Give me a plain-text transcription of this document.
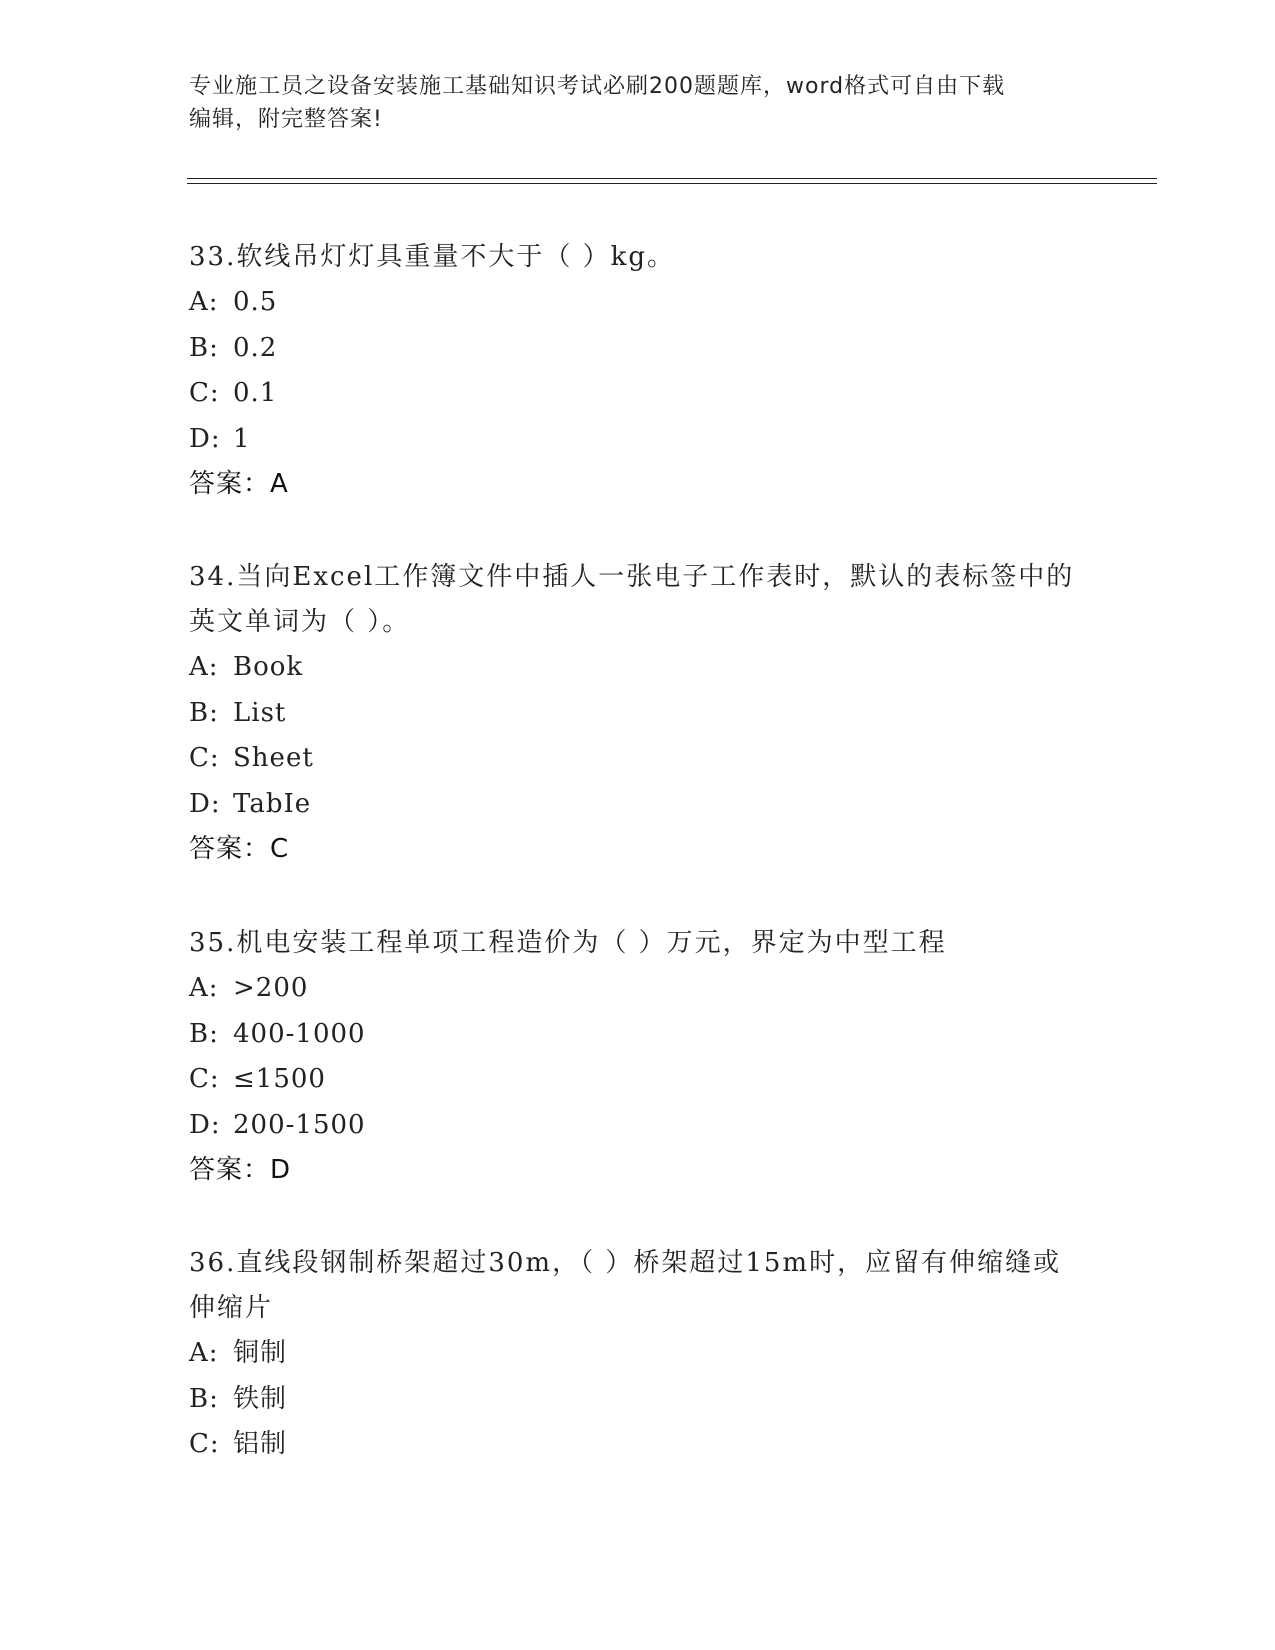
专业施工员之设备安装施工基础知识考试必刷200题题库，word格式可自由下载
编辑，附完整答案!

33.软线吊灯灯具重量不大于（ ）kg。

A: 0.5
B: 0.2
C: 0.1
D: 1
答案：A

34.当向Excel工作簿文件中插人一张电子工作表时，默认的表标签中的英文单词为（ ）。

A: Book
B: List
C: Sheet
D: TabIe
答案：C

35.机电安装工程单项工程造价为（ ）万元，界定为中型工程

A: >200
B: 400-1000
C: ≤1500
D: 200-1500
答案：D

36.直线段钢制桥架超过30m，（ ）桥架超过15m时，应留有伸缩缝或伸缩片

A: 铜制
B: 铁制
C: 铝制
